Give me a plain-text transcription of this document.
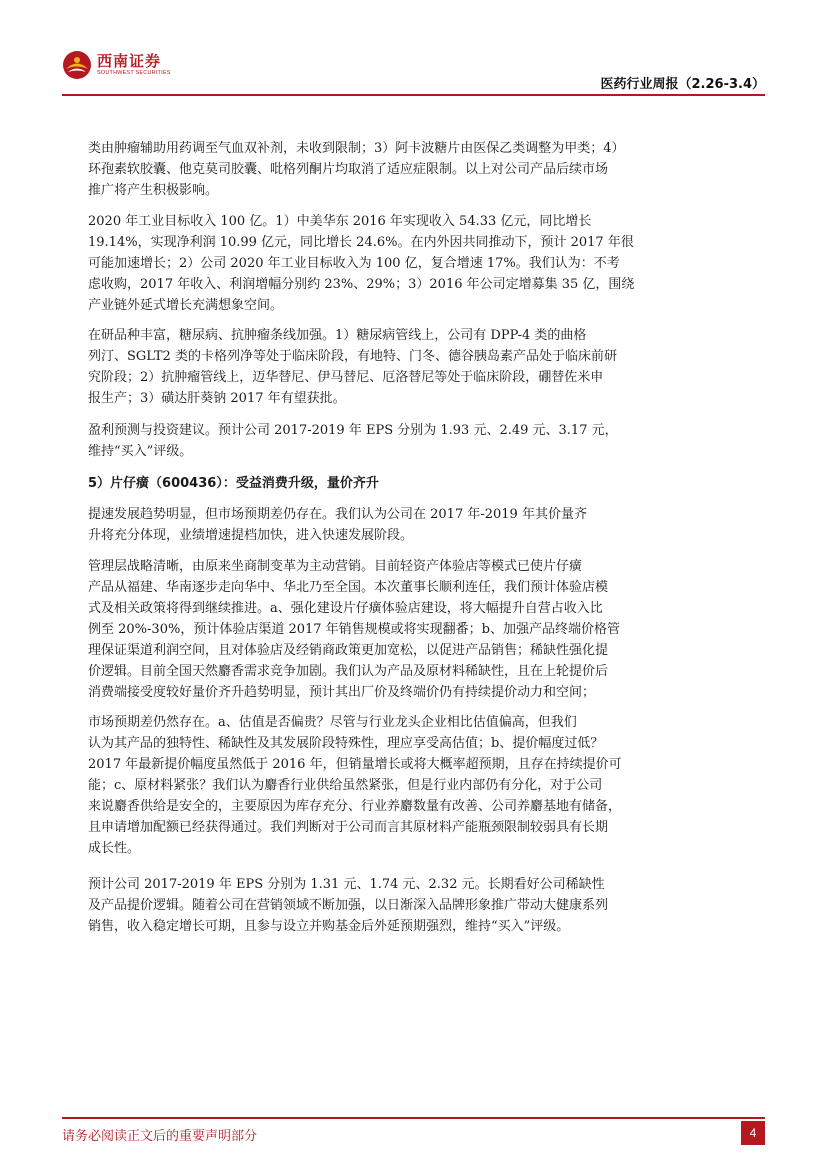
西南证券
SOUTHWEST SECURITIES
医药行业周报（2.26-3.4）
类由肿瘤辅助用药调至气血双补剂，未收到限制；3）阿卡波糖片由医保乙类调整为甲类；4）
环孢素软胶囊、他克莫司胶囊、吡格列酮片均取消了适应症限制。以上对公司产品后续市场
推广将产生积极影响。
2020 年工业目标收入 100 亿。1）中美华东 2016 年实现收入 54.33 亿元，同比增长
19.14%，实现净利润 10.99 亿元，同比增长 24.6%。在内外因共同推动下，预计 2017 年很
可能加速增长；2）公司 2020 年工业目标收入为 100 亿，复合增速 17%。我们认为：不考
虑收购，2017 年收入、利润增幅分别约 23%、29%；3）2016 年公司定增募集 35 亿，围绕
产业链外延式增长充满想象空间。
在研品种丰富，糖尿病、抗肿瘤条线加强。1）糖尿病管线上，公司有 DPP-4 类的曲格
列汀、SGLT2 类的卡格列净等处于临床阶段，有地特、门冬、德谷胰岛素产品处于临床前研
究阶段；2）抗肿瘤管线上，迈华替尼、伊马替尼、厄洛替尼等处于临床阶段，硼替佐米申
报生产；3）磺达肝葵钠 2017 年有望获批。
盈利预测与投资建议。预计公司 2017-2019 年 EPS 分别为 1.93 元、2.49 元、3.17 元，
维持“买入”评级。
5）片仔癀（600436）：受益消费升级，量价齐升
提速发展趋势明显，但市场预期差仍存在。我们认为公司在 2017 年-2019 年其价量齐
升将充分体现，业绩增速提档加快，进入快速发展阶段。
管理层战略清晰，由原来坐商制变革为主动营销。目前轻资产体验店等模式已使片仔癀
产品从福建、华南逐步走向华中、华北乃至全国。本次董事长顺利连任，我们预计体验店模
式及相关政策将得到继续推进。a、强化建设片仔癀体验店建设，将大幅提升自营占收入比
例至 20%-30%，预计体验店渠道 2017 年销售规模或将实现翻番；b、加强产品终端价格管
理保证渠道利润空间，且对体验店及经销商政策更加宽松，以促进产品销售；稀缺性强化提
价逻辑。目前全国天然麝香需求竞争加剧。我们认为产品及原材料稀缺性，且在上轮提价后
消费端接受度较好量价齐升趋势明显，预计其出厂价及终端价仍有持续提价动力和空间；
市场预期差仍然存在。a、估值是否偏贵？尽管与行业龙头企业相比估值偏高，但我们
认为其产品的独特性、稀缺性及其发展阶段特殊性，理应享受高估值；b、提价幅度过低？
2017 年最新提价幅度虽然低于 2016 年，但销量增长或将大概率超预期，且存在持续提价可
能；c、原材料紧张？我们认为麝香行业供给虽然紧张，但是行业内部仍有分化，对于公司
来说麝香供给是安全的，主要原因为库存充分、行业养麝数量有改善、公司养麝基地有储备，
且申请增加配额已经获得通过。我们判断对于公司而言其原材料产能瓶颈限制较弱具有长期
成长性。
预计公司 2017-2019 年 EPS 分别为 1.31 元、1.74 元、2.32 元。长期看好公司稀缺性
及产品提价逻辑。随着公司在营销领域不断加强，以日渐深入品牌形象推广带动大健康系列
销售，收入稳定增长可期，且参与设立并购基金后外延预期强烈，维持“买入”评级。
请务必阅读正文后的重要声明部分	4
